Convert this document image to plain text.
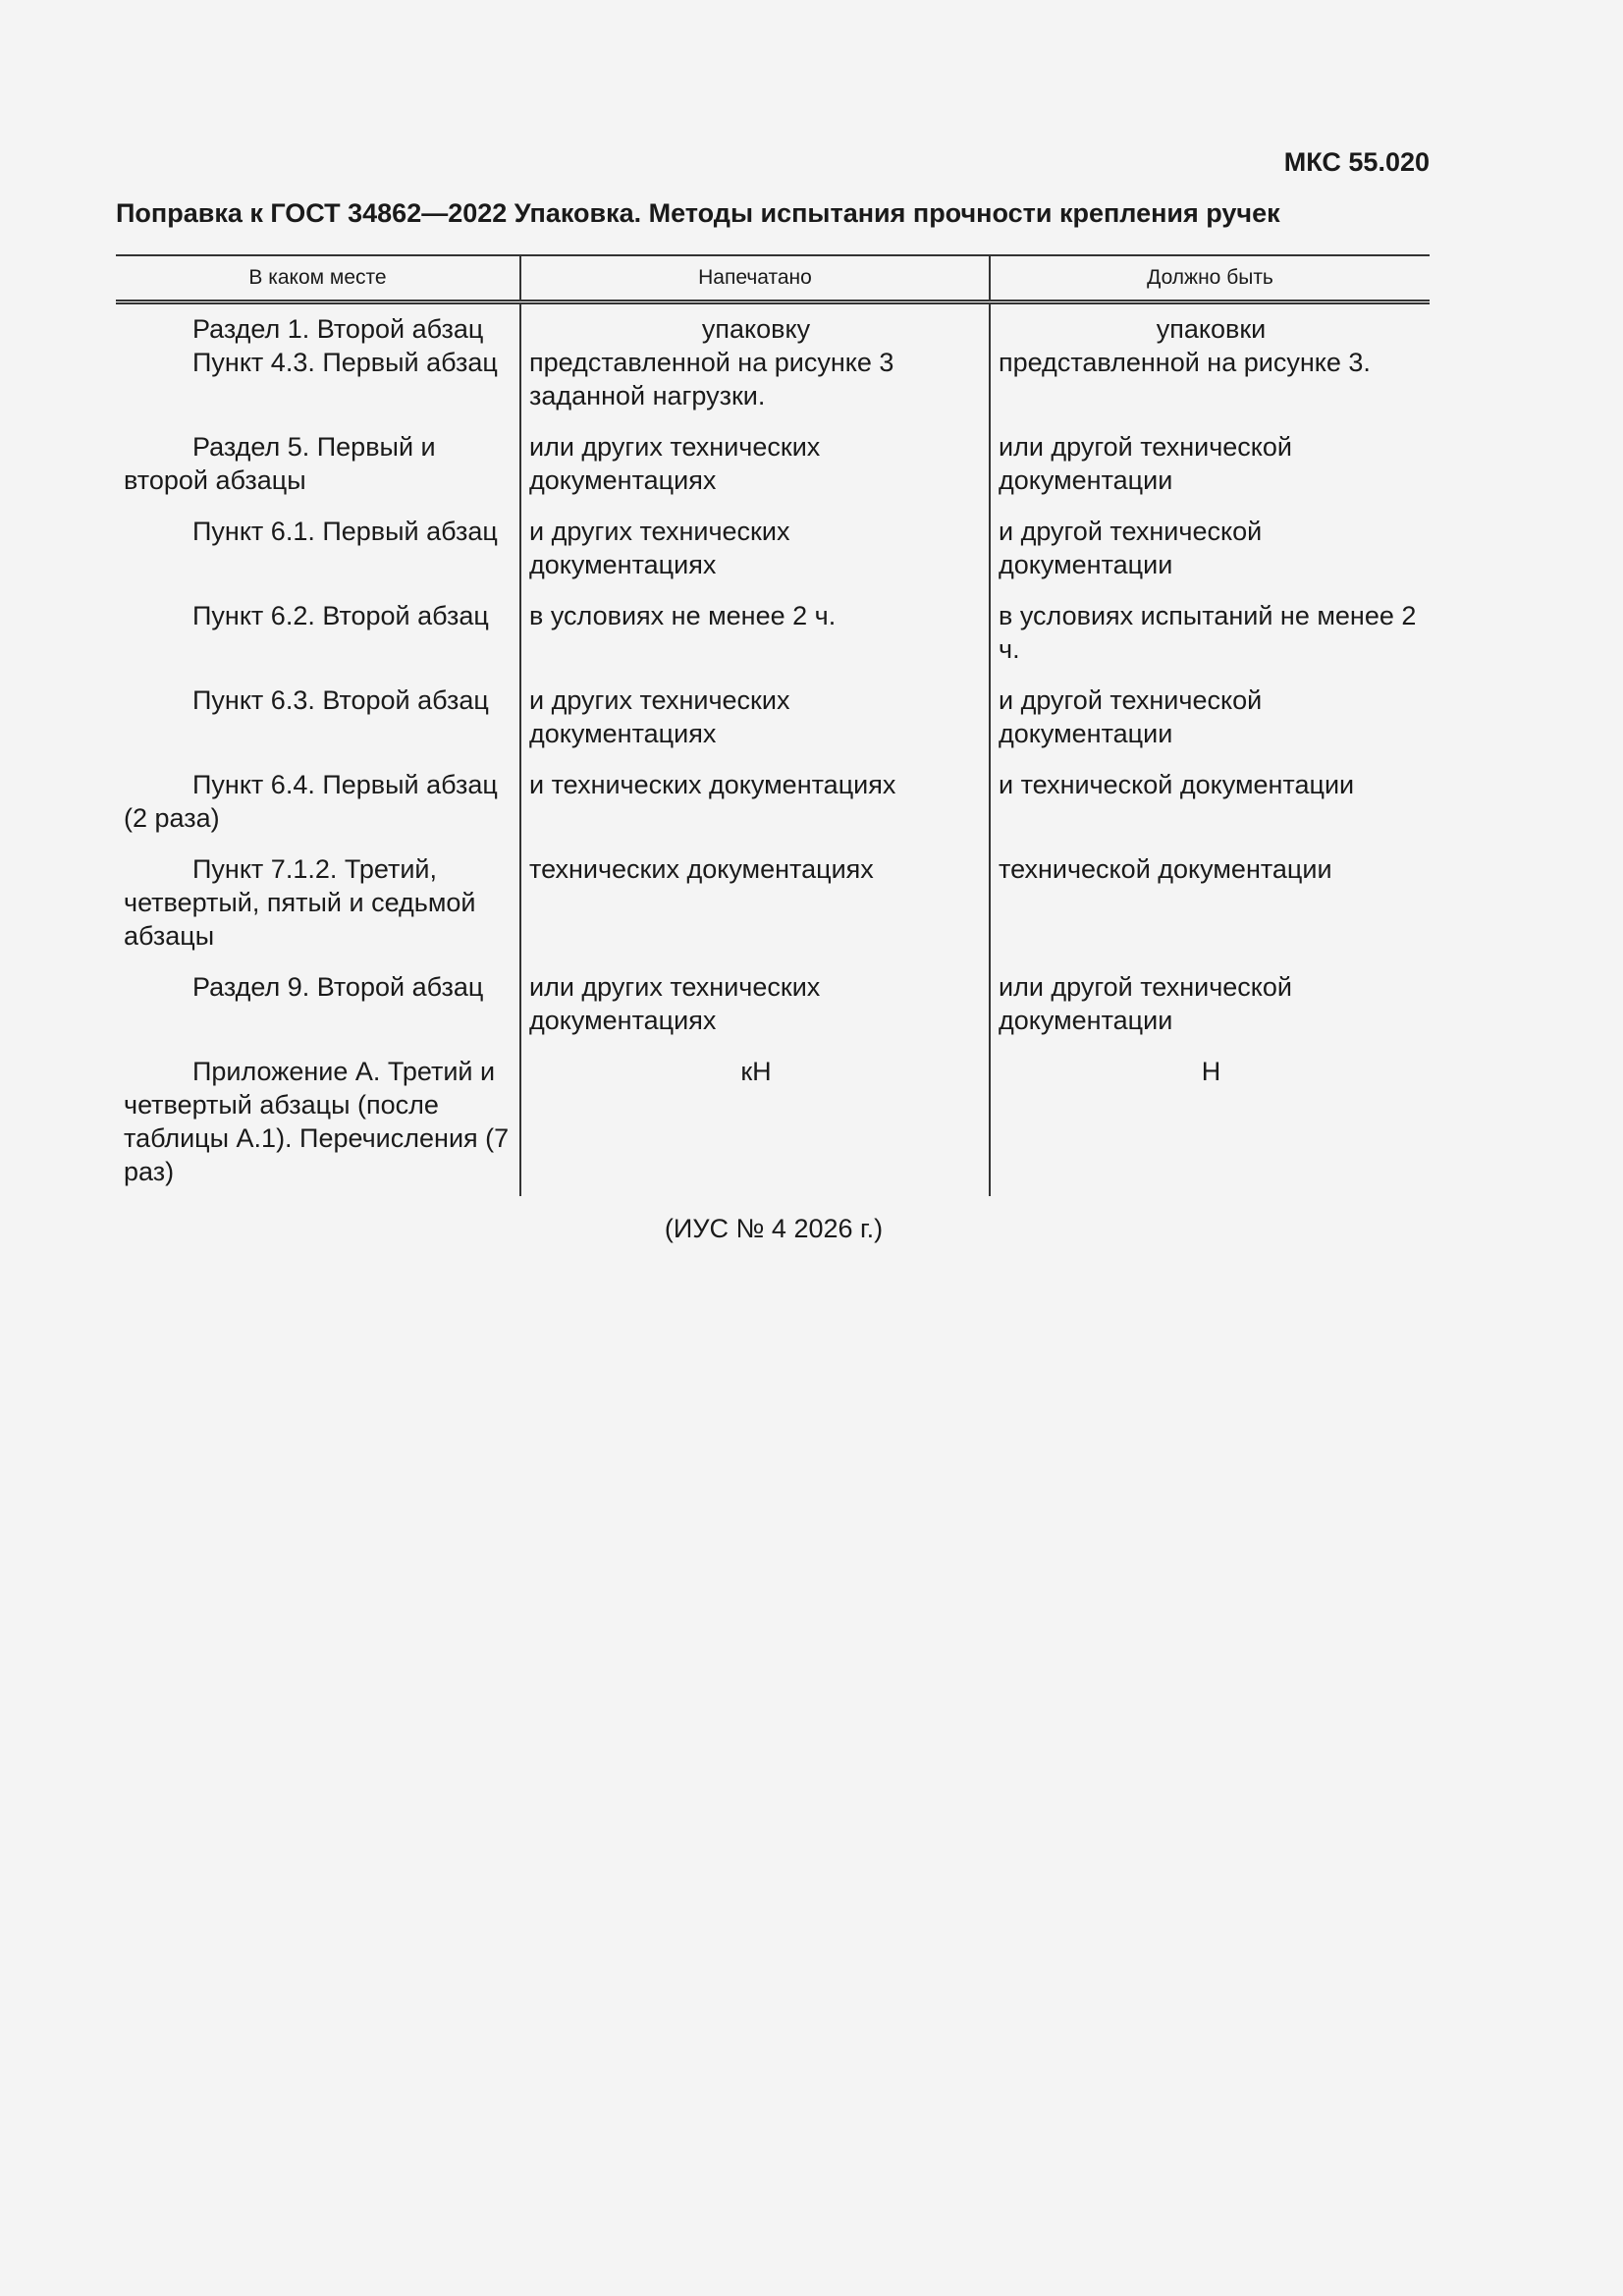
МКС 55.020
Поправка к ГОСТ 34862—2022 Упаковка. Методы испытания прочности крепления ручек
В каком месте	Напечатано	Должно быть
Раздел 1. Второй абзац	упаковку	упаковки
Пункт 4.3. Первый абзац	представленной на рисунке 3 заданной нагрузки.	представленной на рисунке 3.
Раздел 5. Первый и второй абзацы	или других технических документациях	или другой технической документации
Пункт 6.1. Первый абзац	и других технических документациях	и другой технической документации
Пункт 6.2. Второй абзац	в условиях не менее 2 ч.	в условиях испытаний не менее 2 ч.
Пункт 6.3. Второй абзац	и других технических документациях	и другой технической документации
Пункт 6.4. Первый абзац (2 раза)	и технических документациях	и технической документации
Пункт 7.1.2. Третий, четвертый, пятый и седьмой абзацы	технических документациях	технической документации
Раздел 9. Второй абзац	или других технических документациях	или другой технической документации
Приложение А. Третий и четвертый абзацы (после таблицы А.1). Перечисления (7 раз)	кН	Н
(ИУС № 4 2026 г.)
